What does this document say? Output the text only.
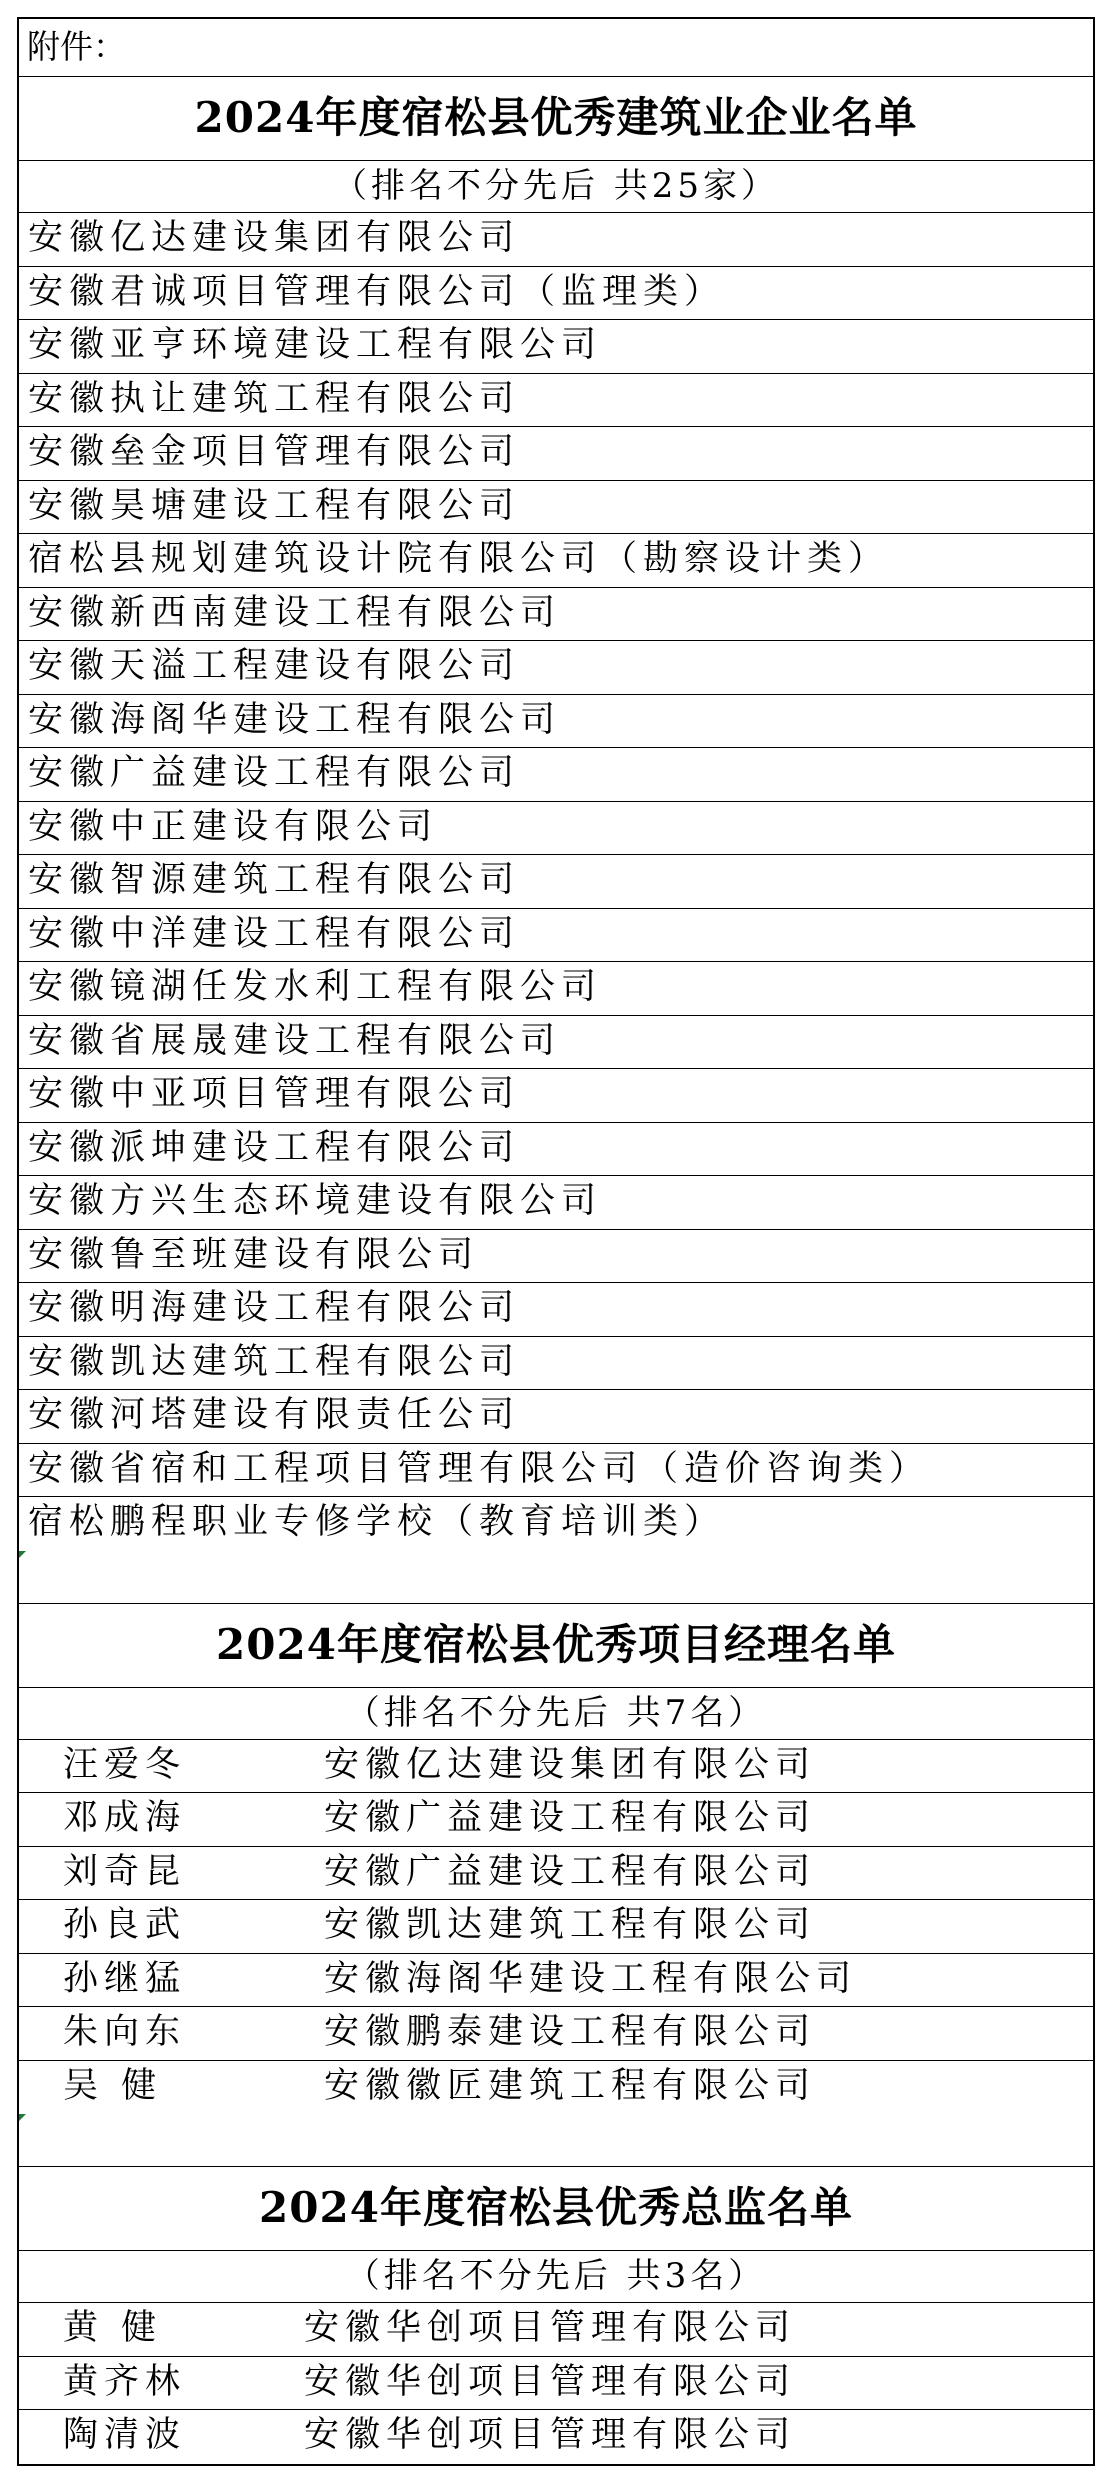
附件：
2024年度宿松县优秀建筑业企业名单
（排名不分先后 共25家）
安徽亿达建设集团有限公司
安徽君诚项目管理有限公司（监理类）
安徽亚亨环境建设工程有限公司
安徽执让建筑工程有限公司
安徽垒金项目管理有限公司
安徽昊塘建设工程有限公司
宿松县规划建筑设计院有限公司（勘察设计类）
安徽新西南建设工程有限公司
安徽天溢工程建设有限公司
安徽海阁华建设工程有限公司
安徽广益建设工程有限公司
安徽中正建设有限公司
安徽智源建筑工程有限公司
安徽中洋建设工程有限公司
安徽镜湖任发水利工程有限公司
安徽省展晟建设工程有限公司
安徽中亚项目管理有限公司
安徽派坤建设工程有限公司
安徽方兴生态环境建设有限公司
安徽鲁至班建设有限公司
安徽明海建设工程有限公司
安徽凯达建筑工程有限公司
安徽河塔建设有限责任公司
安徽省宿和工程项目管理有限公司（造价咨询类）
宿松鹏程职业专修学校（教育培训类）
2024年度宿松县优秀项目经理名单
（排名不分先后 共7名）
汪爱冬	安徽亿达建设集团有限公司
邓成海	安徽广益建设工程有限公司
刘奇昆	安徽广益建设工程有限公司
孙良武	安徽凯达建筑工程有限公司
孙继猛	安徽海阁华建设工程有限公司
朱向东	安徽鹏泰建设工程有限公司
吴 健	安徽徽匠建筑工程有限公司
2024年度宿松县优秀总监名单
（排名不分先后 共3名）
黄 健	安徽华创项目管理有限公司
黄齐林	安徽华创项目管理有限公司
陶清波	安徽华创项目管理有限公司
